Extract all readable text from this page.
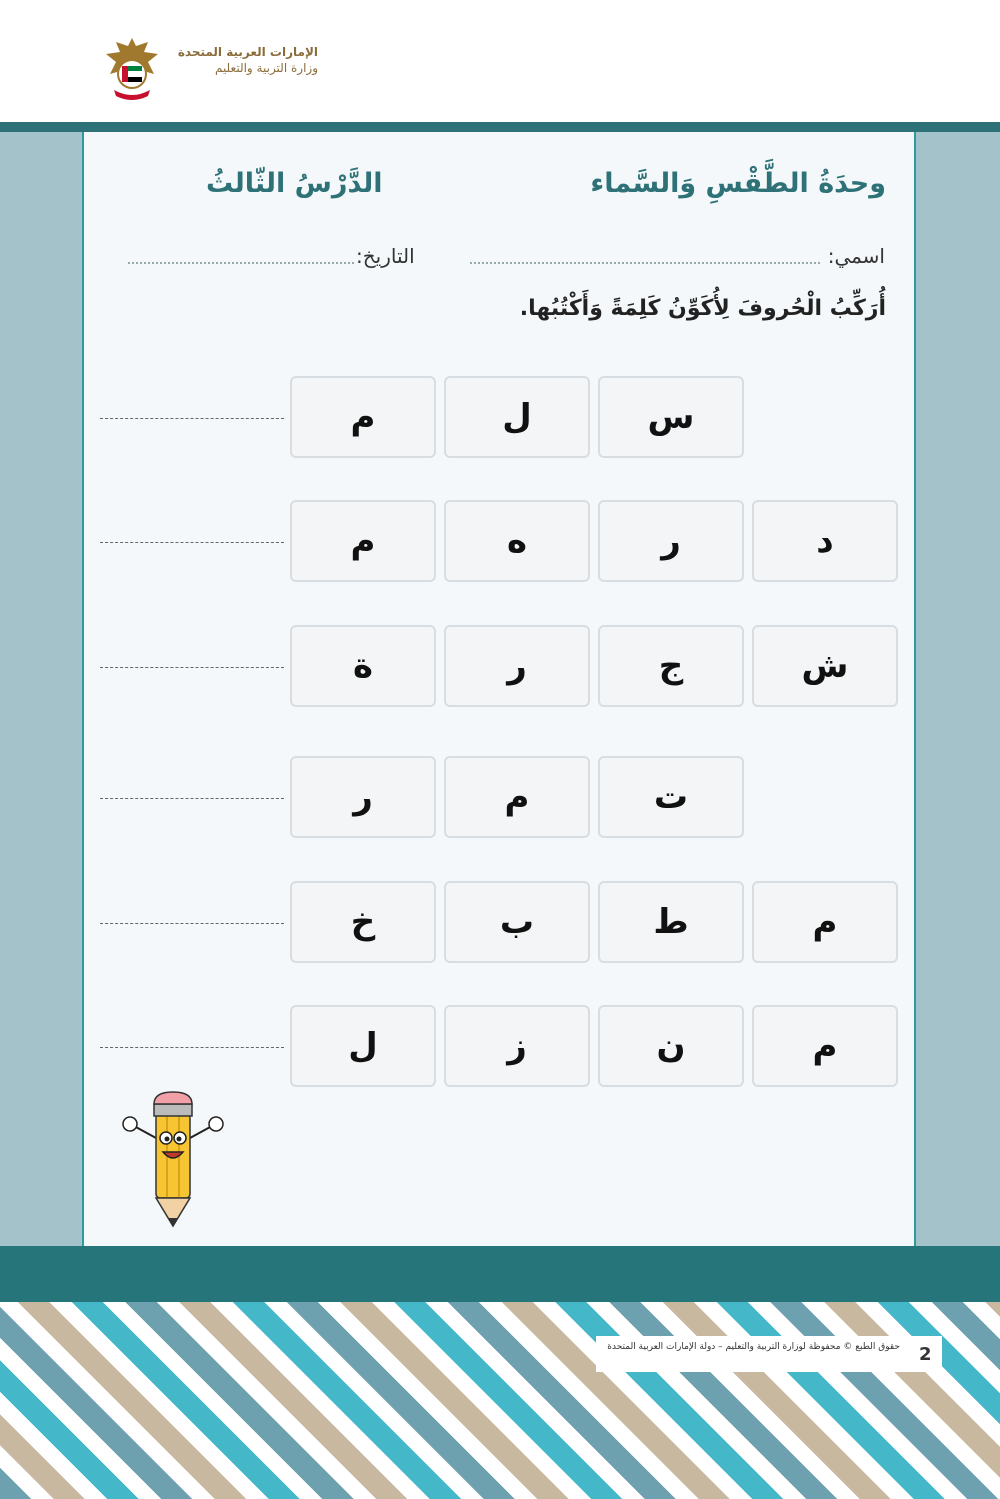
الإمارات العربية المتحدة
وزارة التربية والتعليم
وحدَةُ الطَّقْسِ وَالسَّماء
الدَّرْسُ الثّالثُ
اسمي:
التاريخ:
أُرَكِّبُ الْحُروفَ لِأُكَوِّنُ كَلِمَةً وَأَكْتُبُها.
س
ل
م
د
ر
ه
م
ش
ج
ر
ة
ت
م
ر
م
ط
ب
خ
م
ن
ز
ل
حقوق الطبع © محفوظة لوزارة التربية والتعليم – دولة الإمارات العربية المتحدة 2
